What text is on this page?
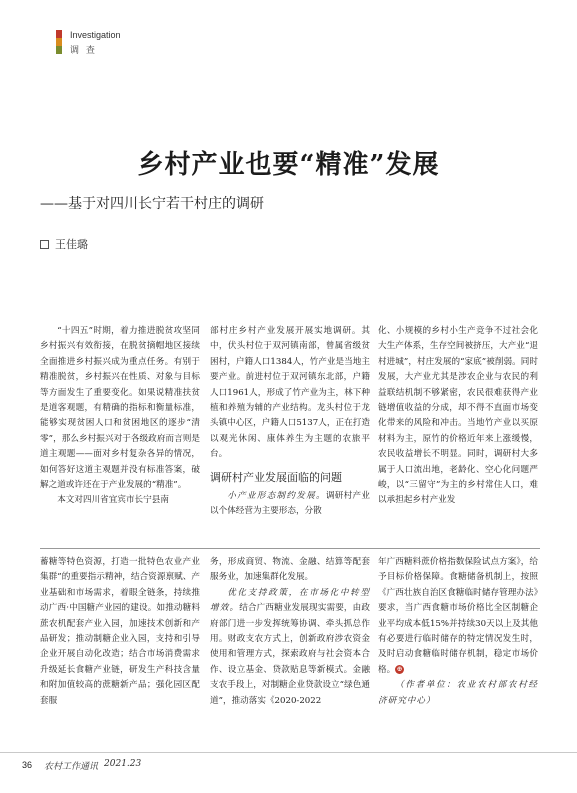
Investigation
调 查
乡村产业也要“精准”发展
——基于对四川长宁若干村庄的调研
王佳璐

“十四五”时期，着力推进脱贫攻坚同乡村振兴有效衔接，在脱贫摘帽地区接续全面推进乡村振兴成为重点任务。有别于精准脱贫，乡村振兴在性质、对象与目标等方面发生了重要变化。如果说精准扶贫是道客观题，有精确的指标和衡量标准，能够实现贫困人口和贫困地区的逐步“清零”，那么乡村振兴对于各级政府而言则是道主观题——面对乡村复杂各异的情况，如何答好这道主观题并没有标准答案，破解之道或许还在于产业发展的“精准”。

本文对四川省宜宾市长宁县南

部村庄乡村产业发展开展实地调研。其中，伏头村位于双河镇南部，曾属省级贫困村，户籍人口1384人，竹产业是当地主要产业。前进村位于双河镇东北部，户籍人口1961人，形成了竹产业为主，林下种植和养殖为辅的产业结构。龙头村位于龙头镇中心区，户籍人口5137人，正在打造以观光休闲、康体养生为主题的农旅平台。

调研村产业发展面临的问题

小产业形态制约发展。调研村产业以个体经营为主要形态，分散

化、小规模的乡村小生产竞争不过社会化大生产体系，生存空间被挤压，大产业“退村进城”，村庄发展的“家底”被削弱。同时发展，大产业尤其是涉农企业与农民的利益联结机制不够紧密，农民很难获得产业链增值收益的分成，却不得不直面市场变化带来的风险和冲击。当地竹产业以买原材料为主，原竹的价格近年来上涨缓慢，农民收益增长不明显。同时，调研村大多属于人口流出地，老龄化、空心化问题严峻，以“三留守”为主的乡村常住人口，难以承担起乡村产业发

蓄糖等特色资源，打造一批特色农业产业集群”的重要指示精神，结合资源禀赋、产业基础和市场需求，着眼全链条，持续推动广西·中国糖产业园的建设。如推动糖料蔗农机配套产业入园，加速技术创新和产品研发；推动制糖企业入园，支持和引导企业开展自动化改造；结合市场消费需求升级延长食糖产业链，研发生产科技含量和附加值较高的蔗糖新产品；强化园区配套服

务，形成商贸、物流、金融、结算等配套服务业，加速集群化发展。

优化支持政策，在市场化中转型增效。结合广西糖业发展现实需要，由政府部门进一步发挥统筹协调、牵头抓总作用。财政支农方式上，创新政府涉农资金使用和管理方式，探索政府与社会资本合作、设立基金、贷款贴息等新模式。金融支农手段上，对制糖企业贷款设立“绿色通道”，推动落实《2020-2022

年广西糖料蔗价格指数保险试点方案》，给予目标价格保障。食糖储备机制上，按照《广西壮族自治区食糖临时储存管理办法》要求，当广西食糖市场价格比全区制糖企业平均成本低15%并持续30天以上及其他有必要进行临时储存的特定情况发生时，及时启动食糖临时储存机制，稳定市场价格。 ⊕

（作者单位：农业农村部农村经济研究中心）

36 农村工作通讯 2021.23
